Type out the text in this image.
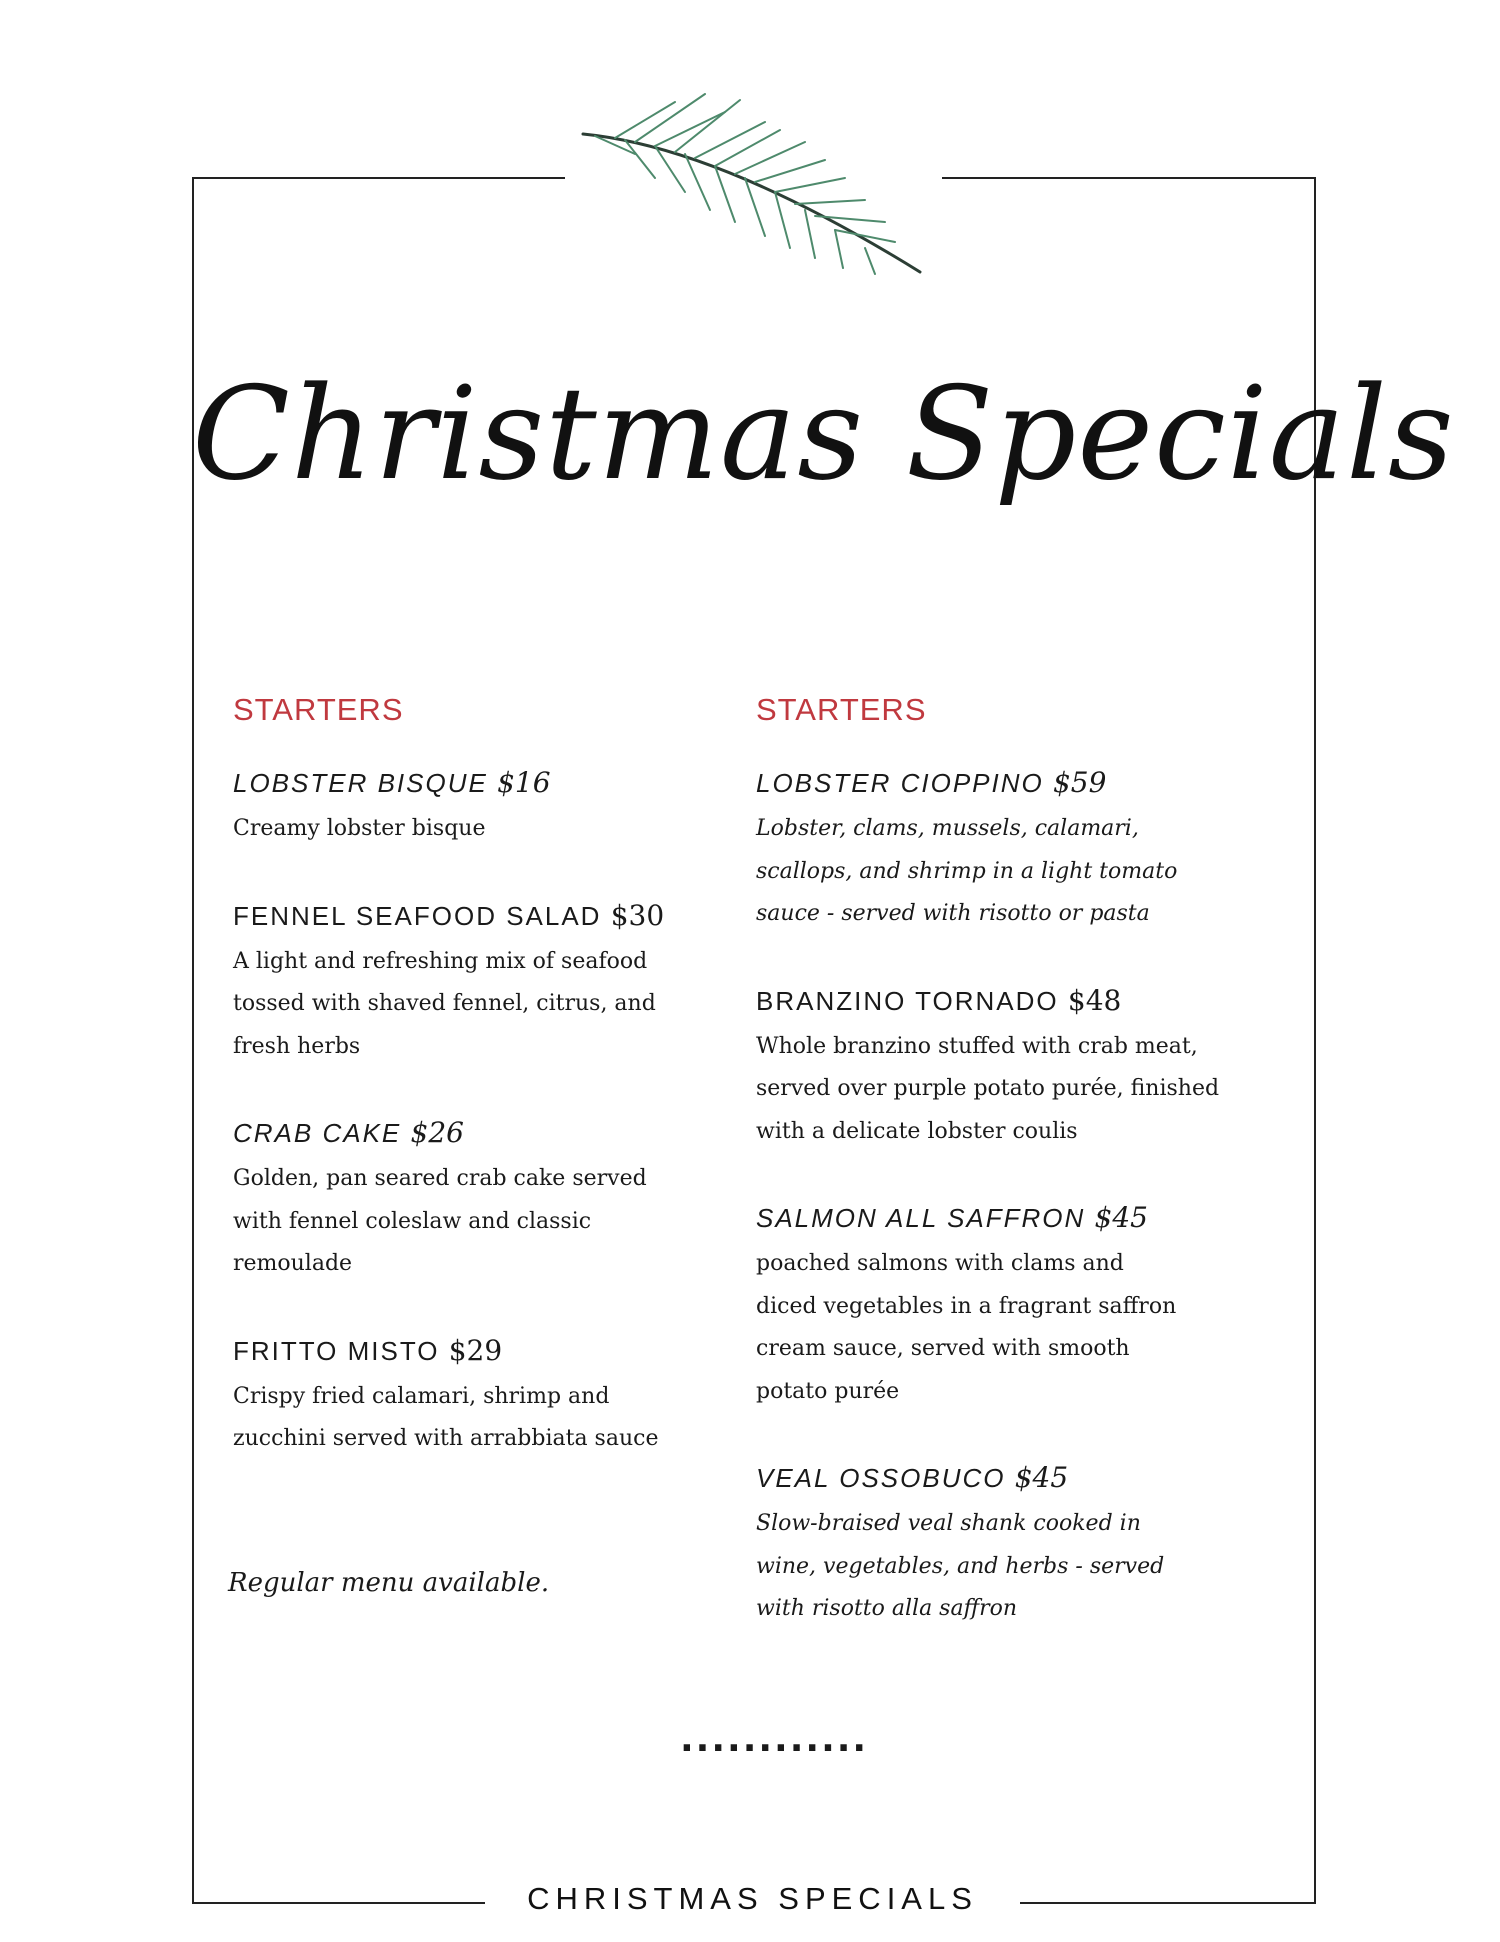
Christmas Specials
STARTERS
LOBSTER BISQUE $16
Creamy lobster bisque
FENNEL SEAFOOD SALAD $30
A light and refreshing mix of seafood
tossed with shaved fennel, citrus, and
fresh herbs
CRAB CAKE $26
Golden, pan seared crab cake served
with fennel coleslaw and classic
remoulade
FRITTO MISTO $29
Crispy fried calamari, shrimp and
zucchini served with arrabbiata sauce
Regular menu available.
STARTERS
LOBSTER CIOPPINO $59
Lobster, clams, mussels, calamari,
scallops, and shrimp in a light tomato
sauce - served with risotto or pasta
BRANZINO TORNADO $48
Whole branzino stuffed with crab meat,
served over purple potato purée, finished
with a delicate lobster coulis
SALMON ALL SAFFRON $45
poached salmons with clams and
diced vegetables in a fragrant saffron
cream sauce, served with smooth
potato purée
VEAL OSSOBUCO $45
Slow-braised veal shank cooked in
wine, vegetables, and herbs - served
with risotto alla saffron
............
CHRISTMAS SPECIALS
